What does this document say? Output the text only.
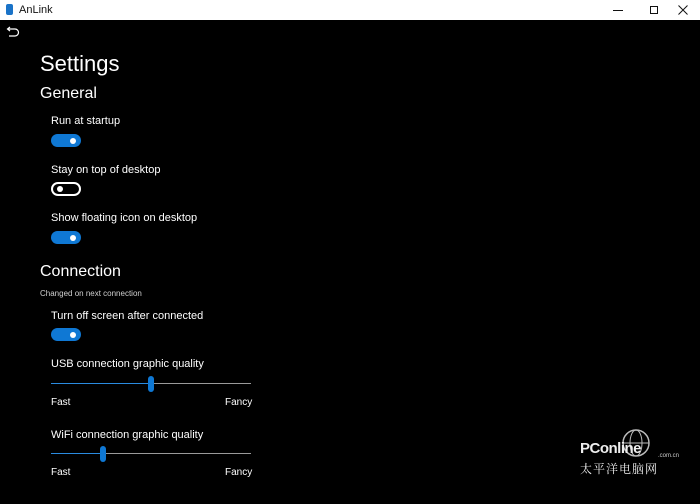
AnLink
Settings
General
Run at startup
Stay on top of desktop
Show floating icon on desktop
Connection
Changed on next connection
Turn off screen after connected
USB connection graphic quality
Fast	Fancy
WiFi connection graphic quality
Fast	Fancy
PConline	.com.cn
太平洋电脑网
